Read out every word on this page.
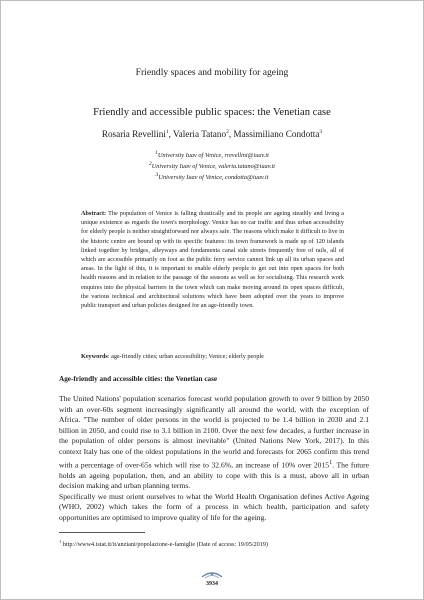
Friendly spaces and mobility for ageing
Friendly and accessible public spaces: the Venetian case
Rosaria Revellini$^1$, Valeria Tatano$^2$, Massimiliano Condotta$^3$
$^1$University Iuav of Venice, rrevellini@iuav.it
$^2$University Iuav of Venice, valeria.tatano@iuav.it
$^3$University Iuav of Venice, condotta@iuav.it
Abstract: The population of Venice is falling drastically and its people are ageing steadily and living a unique existence as regards the town's morphology. Venice has no car traffic and thus urban accessibility for elderly people is neither straightforward nor always safe. The reasons which make it difficult to live in the historic centre are bound up with its specific features: its town framework is made up of 120 islands linked together by bridges, alleyways and fondamenta canal side streets frequently free of rails, all of which are accessible primarily on foot as the public ferry service cannot link up all its urban spaces and areas. In the light of this, it is important to enable elderly people to get out into open spaces for both health reasons and in relation to the passage of the seasons as well as for socialising. This research work enquires into the physical barriers in the town which can make moving around its open spaces difficult, the various technical and architectural solutions which have been adopted over the years to improve public transport and urban policies designed for an age-friendly town.
Keywords: age-friendly cities; urban accessibility; Venice; elderly people
Age-friendly and accessible cities: the Venetian case

The United Nations' population scenarios forecast world population growth to over 9 billion by 2050 with an over-60s segment increasingly significantly all around the world, with the exception of Africa. "The number of older persons in the world is projected to be 1.4 billion in 2030 and 2.1 billion in 2050, and could rise to 3.1 billion in 2100. Over the next few decades, a further increase in the population of older persons is almost inevitable" (United Nations New York, 2017). In this context Italy has one of the oldest populations in the world and forecasts for 2065 confirm this trend with a percentage of over-65s which will rise to 32.6%, an increase of 10% over 2015$^1$. The future holds an ageing population, then, and an ability to cope with this is a must, above all in urban decision making and urban planning terms.

Specifically we must orient ourselves to what the World Health Organisation defines Active Ageing (WHO, 2002) which takes the form of a process in which health, participation and safety opportunities are optimised to improve quality of life for the ageing.

$^1$ http://www4.istat.it/it/anziani/popolazione-e-famiglie (Date of access: 19/05/2019)
3934
